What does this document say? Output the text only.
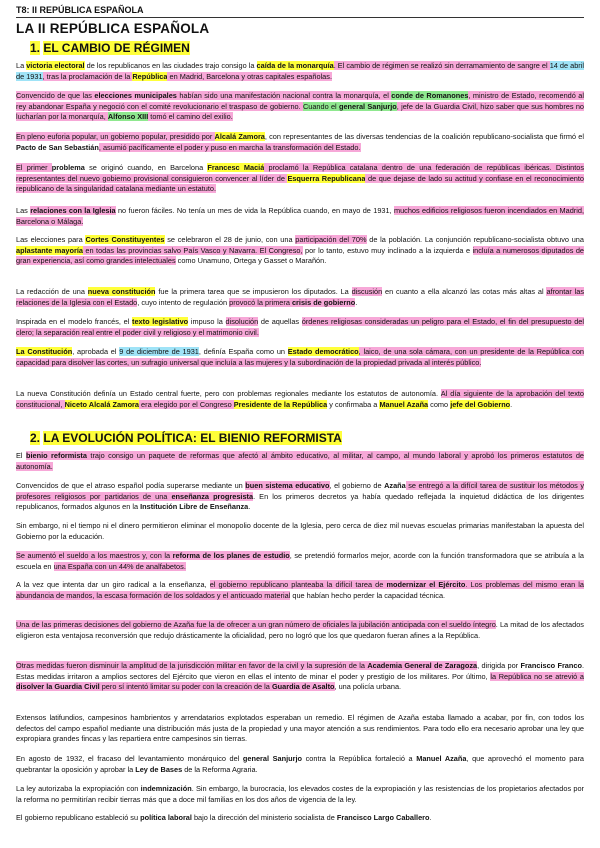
T8: II REPÚBLICA ESPAÑOLA
LA II REPÚBLICA ESPAÑOLA
1. EL CAMBIO DE RÉGIMEN
2. LA EVOLUCIÓN POLÍTICA: EL BIENIO REFORMISTA

La victoria electoral de los republicanos en las ciudades trajo consigo la caída de la monarquía. El cambio de régimen se realizó sin derramamiento de sangre el 14 de abril de 1931, tras la proclamación de la República en Madrid, Barcelona y otras capitales españolas.

Convencido de que las elecciones municipales habían sido una manifestación nacional contra la monarquía, el conde de Romanones, ministro de Estado, recomendó al rey abandonar España y negoció con el comité revolucionario el traspaso de gobierno. Cuando el general Sanjurjo, jefe de la Guardia Civil, hizo saber que sus hombres no lucharían por la monarquía, Alfonso XIII tomó el camino del exilio.

En pleno euforia popular, un gobierno popular, presidido por Alcalá Zamora, con representantes de las diversas tendencias de la coalición republicano-socialista que firmó el Pacto de San Sebastián, asumió pacíficamente el poder y puso en marcha la transformación del Estado.

El primer problema se originó cuando, en Barcelona Francesc Maciá proclamó la República catalana dentro de una federación de repúblicas ibéricas. Distintos representantes del nuevo gobierno provisional consiguieron convencer al líder de Esquerra Republicana de que dejase de lado su actitud y confiase en el reconocimiento republicano de la singularidad catalana mediante un estatuto.

Las relaciones con la Iglesia no fueron fáciles. No tenía un mes de vida la República cuando, en mayo de 1931, muchos edificios religiosos fueron incendiados en Madrid, Barcelona o Málaga.

Las elecciones para Cortes Constituyentes se celebraron el 28 de junio, con una participación del 70% de la población. La conjunción republicano-socialista obtuvo una aplastante mayoría en todas las provincias salvo País Vasco y Navarra. El Congreso, por lo tanto, estuvo muy inclinado a la izquierda e incluía a numerosos diputados de gran experiencia, así como grandes intelectuales como Unamuno, Ortega y Gasset o Marañón.

La redacción de una nueva constitución fue la primera tarea que se impusieron los diputados. La discusión en cuanto a ella alcanzó las cotas más altas al afrontar las relaciones de la Iglesia con el Estado, cuyo intento de regulación provocó la primera crisis de gobierno.

Inspirada en el modelo francés, el texto legislativo impuso la disolución de aquellas órdenes religiosas consideradas un peligro para el Estado, el fin del presupuesto del clero; la separación real entre el poder civil y religioso y el matrimonio civil.

La Constitución, aprobada el 9 de diciembre de 1931, definía España como un Estado democrático, laico, de una sola cámara, con un presidente de la República con capacidad para disolver las cortes, un sufragio universal que incluía a las mujeres y la subordinación de la propiedad privada al interés público.

La nueva Constitución definía un Estado central fuerte, pero con problemas regionales mediante los estatutos de autonomía. Al día siguiente de la aprobación del texto constitucional, Niceto Alcalá Zamora era elegido por el Congreso Presidente de la República y confirmaba a Manuel Azaña como jefe del Gobierno.

El bienio reformista trajo consigo un paquete de reformas que afectó al ámbito educativo, al militar, al campo, al mundo laboral y aprobó los primeros estatutos de autonomía.

Convencidos de que el atraso español podía superarse mediante un buen sistema educativo, el gobierno de Azaña se entregó a la difícil tarea de sustituir los métodos y profesores religiosos por partidarios de una enseñanza progresista. En los primeros decretos ya había quedado reflejada la inquietud didáctica de los dirigentes republicanos, formados algunos en la Institución Libre de Enseñanza.

Sin embargo, ni el tiempo ni el dinero permitieron eliminar el monopolio docente de la Iglesia, pero cerca de diez mil nuevas escuelas primarias manifestaban la apuesta del Gobierno por la educación.

Se aumentó el sueldo a los maestros y, con la reforma de los planes de estudio, se pretendió formarlos mejor, acorde con la función transformadora que se atribuía a la escuela en una España con un 44% de analfabetos.

A la vez que intenta dar un giro radical a la enseñanza, el gobierno republicano planteaba la difícil tarea de modernizar el Ejército. Los problemas del mismo eran la abundancia de mandos, la escasa formación de los soldados y el anticuado material que habían hecho perder la capacidad técnica.

Una de las primeras decisiones del gobierno de Azaña fue la de ofrecer a un gran número de oficiales la jubilación anticipada con el sueldo íntegro. La mitad de los afectados eligieron esta ventajosa reconversión que redujo drásticamente la oficialidad, pero no logró que los que quedaron fueran afines a la República.

Otras medidas fueron disminuir la amplitud de la jurisdicción militar en favor de la civil y la supresión de la Academia General de Zaragoza, dirigida por Francisco Franco. Estas medidas irritaron a amplios sectores del Ejército que vieron en ellas el intento de minar el poder y prestigio de los militares. Por último, la República no se atrevió a disolver la Guardia Civil pero sí intentó limitar su poder con la creación de la Guardia de Asalto, una policía urbana.

Extensos latifundios, campesinos hambrientos y arrendatarios explotados esperaban un remedio. El régimen de Azaña estaba llamado a acabar, por fin, con todos los defectos del campo español mediante una distribución más justa de la propiedad y una mayor atención a sus rendimientos. Para todo ello era necesario aprobar una ley que expropiara grandes fincas y las repartiera entre campesinos sin tierras.

En agosto de 1932, el fracaso del levantamiento monárquico del general Sanjurjo contra la República fortaleció a Manuel Azaña, que aprovechó el momento para quebrantar la oposición y aprobar la Ley de Bases de la Reforma Agraria.

La ley autorizaba la expropiación con indemnización. Sin embargo, la burocracia, los elevados costes de la expropiación y las resistencias de los propietarios afectados por la reforma no permitirían recibir tierras más que a doce mil familias en los dos años de vigencia de la ley.

El gobierno republicano estableció su política laboral bajo la dirección del ministerio socialista de Francisco Largo Caballero.
